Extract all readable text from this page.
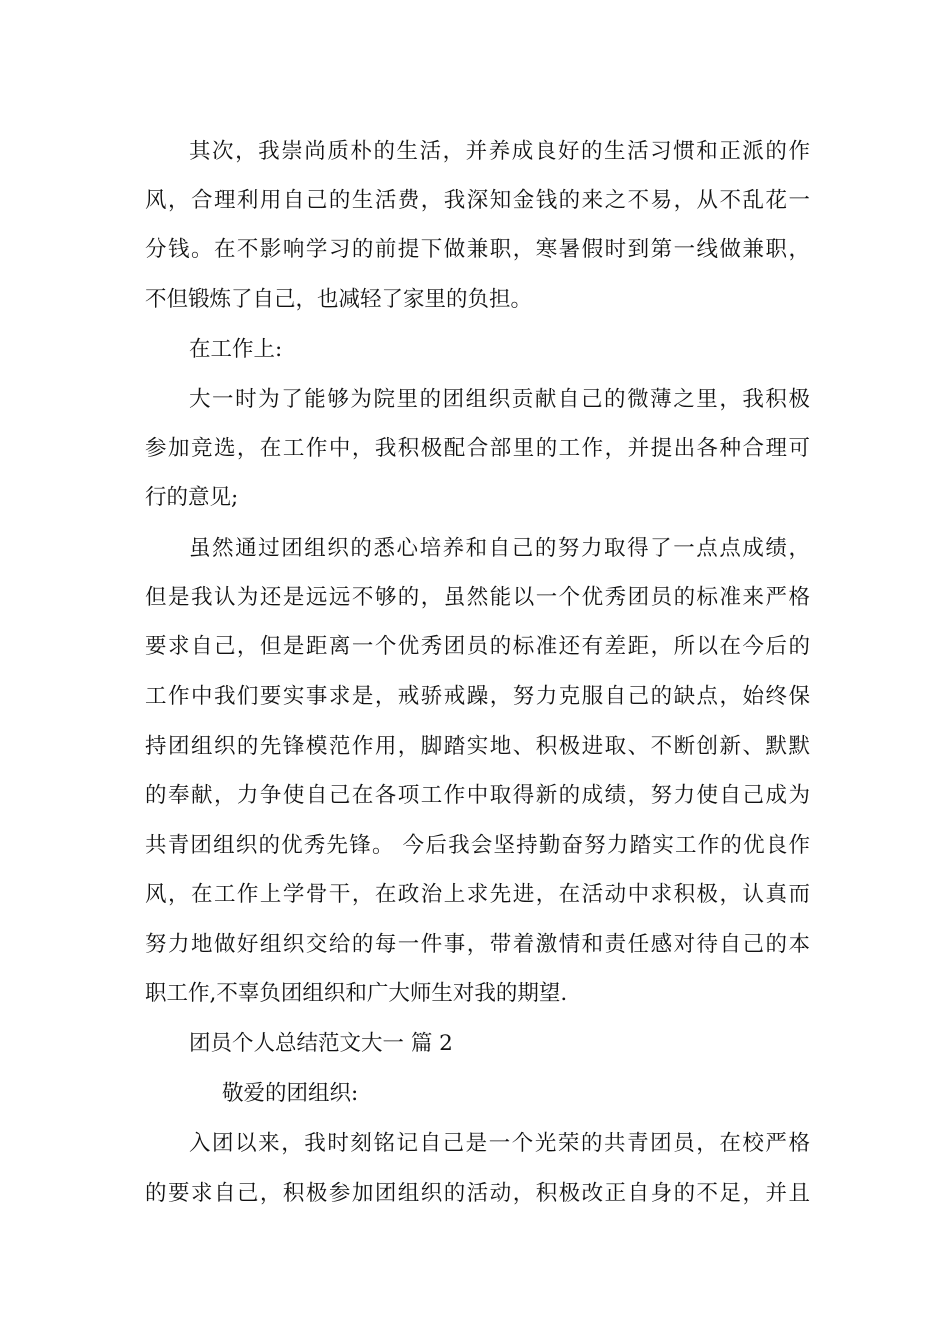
其次，我崇尚质朴的生活，并养成良好的生活习惯和正派的作
风，合理利用自己的生活费，我深知金钱的来之不易，从不乱花一
分钱。在不影响学习的前提下做兼职，寒暑假时到第一线做兼职，
不但锻炼了自己，也减轻了家里的负担。
在工作上:
大一时为了能够为院里的团组织贡献自己的微薄之里，我积极
参加竞选，在工作中，我积极配合部里的工作，并提出各种合理可
行的意见;
虽然通过团组织的悉心培养和自己的努力取得了一点点成绩，
但是我认为还是远远不够的，虽然能以一个优秀团员的标准来严格
要求自己，但是距离一个优秀团员的标准还有差距，所以在今后的
工作中我们要实事求是，戒骄戒躁，努力克服自己的缺点，始终保
持团组织的先锋模范作用，脚踏实地、积极进取、不断创新、默默
的奉献，力争使自己在各项工作中取得新的成绩，努力使自己成为
共青团组织的优秀先锋。 今后我会坚持勤奋努力踏实工作的优良作
风，在工作上学骨干，在政治上求先进，在活动中求积极，认真而
努力地做好组织交给的每一件事，带着激情和责任感对待自己的本
职工作,不辜负团组织和广大师生对我的期望.
团员个人总结范文大一 篇 2
敬爱的团组织:
入团以来，我时刻铭记自己是一个光荣的共青团员，在校严格
的要求自己，积极参加团组织的活动，积极改正自身的不足，并且
